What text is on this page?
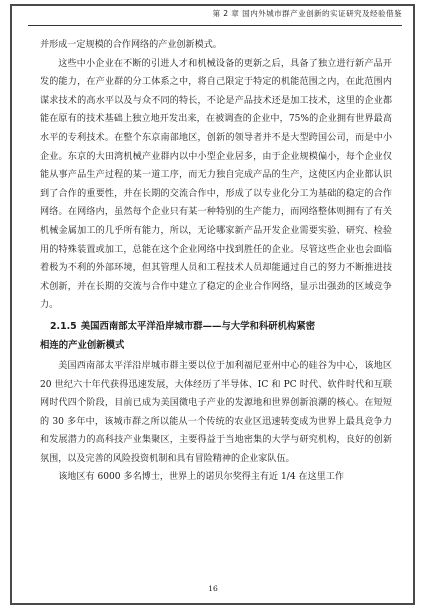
第 2 章 国内外城市群产业创新的实证研究及经验借鉴

并形成一定规模的合作网络的产业创新模式。

这些中小企业在不断的引进人才和机械设备的更新之后，具备了独立进行新产品开发的能力，在产业群的分工体系之中，将自己限定于特定的机能范围之内，在此范围内谋求技术的高水平以及与众不同的特长，不论是产品技术还是加工技术，这里的企业都能在原有的技术基础上独立地开发出来，在被调查的企业中，75%的企业拥有世界最高水平的专利技术。在整个东京南部地区，创新的领导者并不是大型跨国公司，而是中小企业。东京的大田湾机械产业群内以中小型企业居多，由于企业规模偏小，每个企业仅能从事产品生产过程的某一道工序，而无力独自完成产品的生产，这使区内企业都认识到了合作的重要性，并在长期的交流合作中，形成了以专业化分工为基础的稳定的合作网络。在网络内，虽然每个企业只有某一种特别的生产能力，而网络整体则拥有了有关机械金属加工的几乎所有能力，所以，无论哪家新产品开发企业需要实验、研究、检验用的特殊装置或加工，总能在这个企业网络中找到胜任的企业。尽管这些企业也会面临着极为不利的外部环境，但其管理人员和工程技术人员却能通过自己的努力不断推进技术创新，并在长期的交流与合作中建立了稳定的企业合作网络，显示出强劲的区域竞争力。

2.1.5 美国西南部太平洋沿岸城市群——与大学和科研机构紧密
相连的产业创新模式

美国西南部太平洋沿岸城市群主要以位于加利福尼亚州中心的硅谷为中心，该地区 20 世纪六十年代获得迅速发展，大体经历了半导体、IC 和 PC 时代、软件时代和互联网时代四个阶段，目前已成为美国微电子产业的发源地和世界创新浪潮的核心。在短短的 30 多年中，该城市群之所以能从一个传统的农业区迅速转变成为世界上最具竞争力和发展潜力的高科技产业集聚区，主要得益于当地密集的大学与研究机构，良好的创新氛围，以及完善的风险投资机制和具有冒险精神的企业家队伍。

该地区有 6000 多名博士，世界上的诺贝尔奖得主有近 1/4 在这里工作

16
